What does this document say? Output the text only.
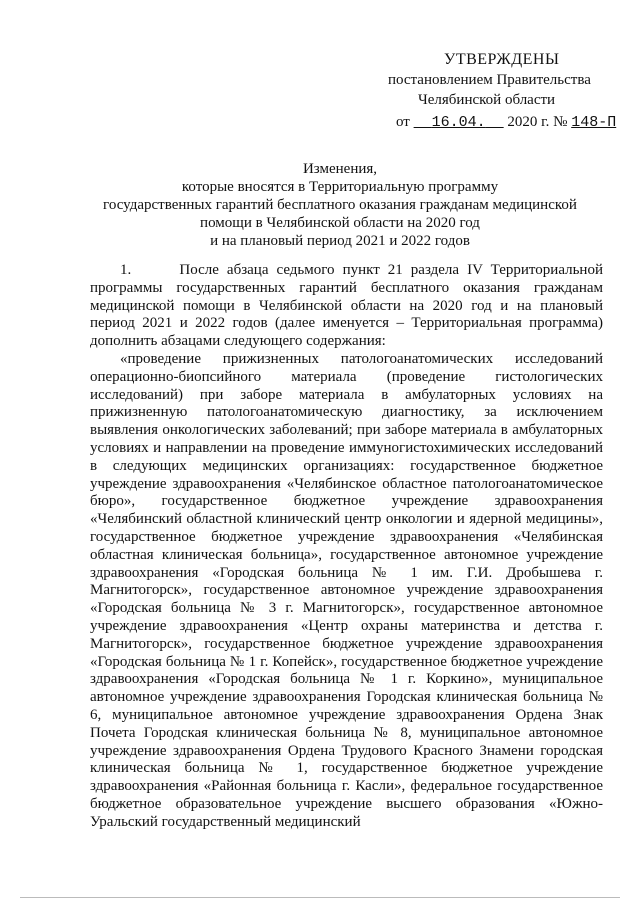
УТВЕРЖДЕНЫ
постановлением Правительства
Челябинской области
от 16.04. 2020 г. № 148-П
Изменения,
которые вносятся в Территориальную программу
государственных гарантий бесплатного оказания гражданам медицинской
помощи в Челябинской области на 2020 год
и на плановый период 2021 и 2022 годов

1.      После абзаца седьмого пункт 21 раздела IV Территориальной программы государственных гарантий бесплатного оказания гражданам медицинской помощи в Челябинской области на 2020 год и на плановый период 2021 и 2022 годов (далее именуется – Территориальная программа) дополнить абзацами следующего содержания:

«проведение прижизненных патологоанатомических исследований операционно-биопсийного материала (проведение гистологических исследований) при заборе материала в амбулаторных условиях на прижизненную патологоанатомическую диагностику, за исключением выявления онкологических заболеваний; при заборе материала в амбулаторных условиях и направлении на проведение иммуногистохимических исследований в следующих медицинских организациях: государственное бюджетное учреждение здравоохранения «Челябинское областное патологоанатомическое бюро», государственное бюджетное учреждение здравоохранения «Челябинский областной клинический центр онкологии и ядерной медицины», государственное бюджетное учреждение здравоохранения «Челябинская областная клиническая больница», государственное автономное учреждение здравоохранения «Городская больница № 1 им. Г.И. Дробышева г. Магнитогорск», государственное автономное учреждение здравоохранения «Городская больница № 3 г. Магнитогорск», государственное автономное учреждение здравоохранения «Центр охраны материнства и детства г. Магнитогорск», государственное бюджетное учреждение здравоохранения «Городская больница № 1 г. Копейск», государственное бюджетное учреждение здравоохранения «Городская больница № 1 г. Коркино», муниципальное автономное учреждение здравоохранения Городская клиническая больница № 6, муниципальное автономное учреждение здравоохранения Ордена Знак Почета Городская клиническая больница № 8, муниципальное автономное учреждение здравоохранения Ордена Трудового Красного Знамени городская клиническая больница № 1, государственное бюджетное учреждение здравоохранения «Районная больница г. Касли», федеральное государственное бюджетное образовательное учреждение высшего образования «Южно-Уральский государственный медицинский
